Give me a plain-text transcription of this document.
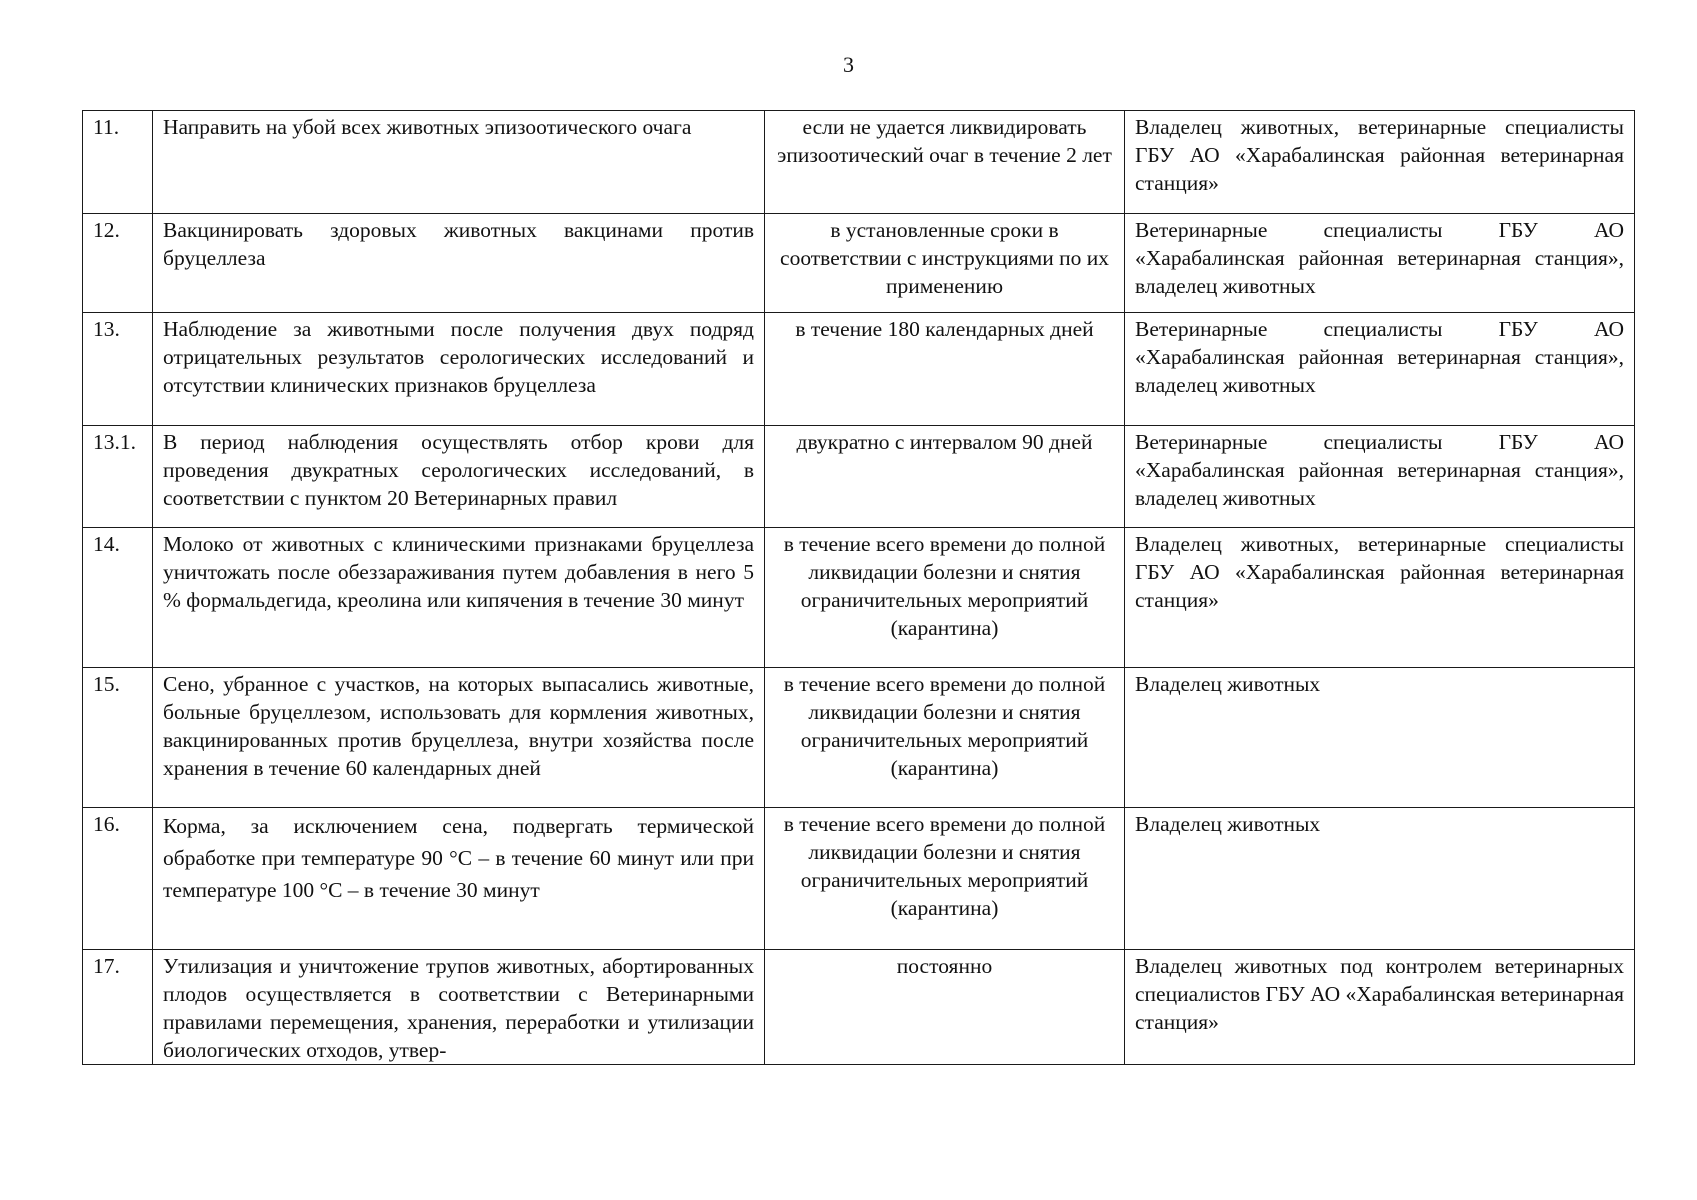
3
11.	Направить на убой всех животных эпизоотического очага	если не удается ликвидировать эпизоотический очаг в течение 2 лет	Владелец животных, ветеринарные специалисты ГБУ АО «Харабалинская районная ветеринарная станция»
12.	Вакцинировать здоровых животных вакцинами против бруцеллеза	в установленные сроки в соответствии с инструкциями по их применению	Ветеринарные специалисты ГБУ АО «Харабалинская районная ветеринарная станция», владелец животных
13.	Наблюдение за животными после получения двух подряд отрицательных результатов серологических исследований и отсутствии клинических признаков бруцеллеза	в течение 180 календарных дней	Ветеринарные специалисты ГБУ АО «Харабалинская районная ветеринарная станция», владелец животных
13.1.	В период наблюдения осуществлять отбор крови для проведения двукратных серологических исследований, в соответствии с пунктом 20 Ветеринарных правил	двукратно с интервалом 90 дней	Ветеринарные специалисты ГБУ АО «Харабалинская районная ветеринарная станция», владелец животных
14.	Молоко от животных с клиническими признаками бруцеллеза уничтожать после обеззараживания путем добавления в него 5 % формальдегида, креолина или кипячения в течение 30 минут	в течение всего времени до полной ликвидации болезни и снятия ограничительных мероприятий (карантина)	Владелец животных, ветеринарные специалисты ГБУ АО «Харабалинская районная ветеринарная станция»
15.	Сено, убранное с участков, на которых выпасались животные, больные бруцеллезом, использовать для кормления животных, вакцинированных против бруцеллеза, внутри хозяйства после хранения в течение 60 календарных дней	в течение всего времени до полной ликвидации болезни и снятия ограничительных мероприятий (карантина)	Владелец животных
16.	Корма, за исключением сена, подвергать термической обработке при температуре 90 °С – в течение 60 минут или при температуре 100 °С – в течение 30 минут	в течение всего времени до полной ликвидации болезни и снятия ограничительных мероприятий (карантина)	Владелец животных
17.	Утилизация и уничтожение трупов животных, абортированных плодов осуществляется в соответствии с Ветеринарными правилами перемещения, хранения, переработки и утилизации биологических отходов, утвер-	постоянно	Владелец животных под контролем ветеринарных специалистов ГБУ АО «Харабалинская ветеринарная станция»
